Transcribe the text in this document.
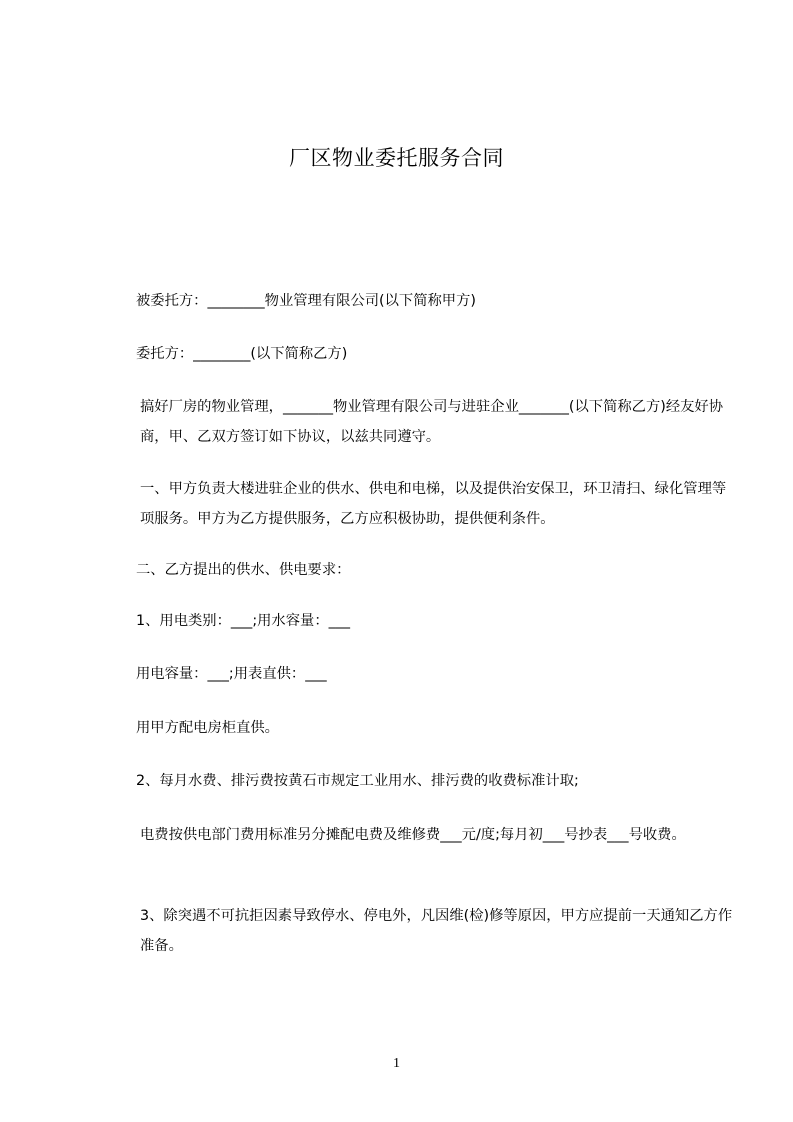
厂区物业委托服务合同
被委托方：________物业管理有限公司(以下简称甲方)
委托方：________(以下简称乙方)
搞好厂房的物业管理，_______物业管理有限公司与进驻企业_______(以下简称乙方)经友好协商，甲、乙双方签订如下协议，以兹共同遵守。
一、甲方负责大楼进驻企业的供水、供电和电梯，以及提供治安保卫，环卫清扫、绿化管理等项服务。甲方为乙方提供服务，乙方应积极协助，提供便利条件。
二、乙方提出的供水、供电要求：
1、用电类别：___;用水容量：___
用电容量：___;用表直供：___
用甲方配电房柜直供。
2、每月水费、排污费按黄石市规定工业用水、排污费的收费标准计取;
电费按供电部门费用标准另分摊配电费及维修费___元/度;每月初___号抄表___号收费。
3、除突遇不可抗拒因素导致停水、停电外，凡因维(检)修等原因，甲方应提前一天通知乙方作准备。
1
